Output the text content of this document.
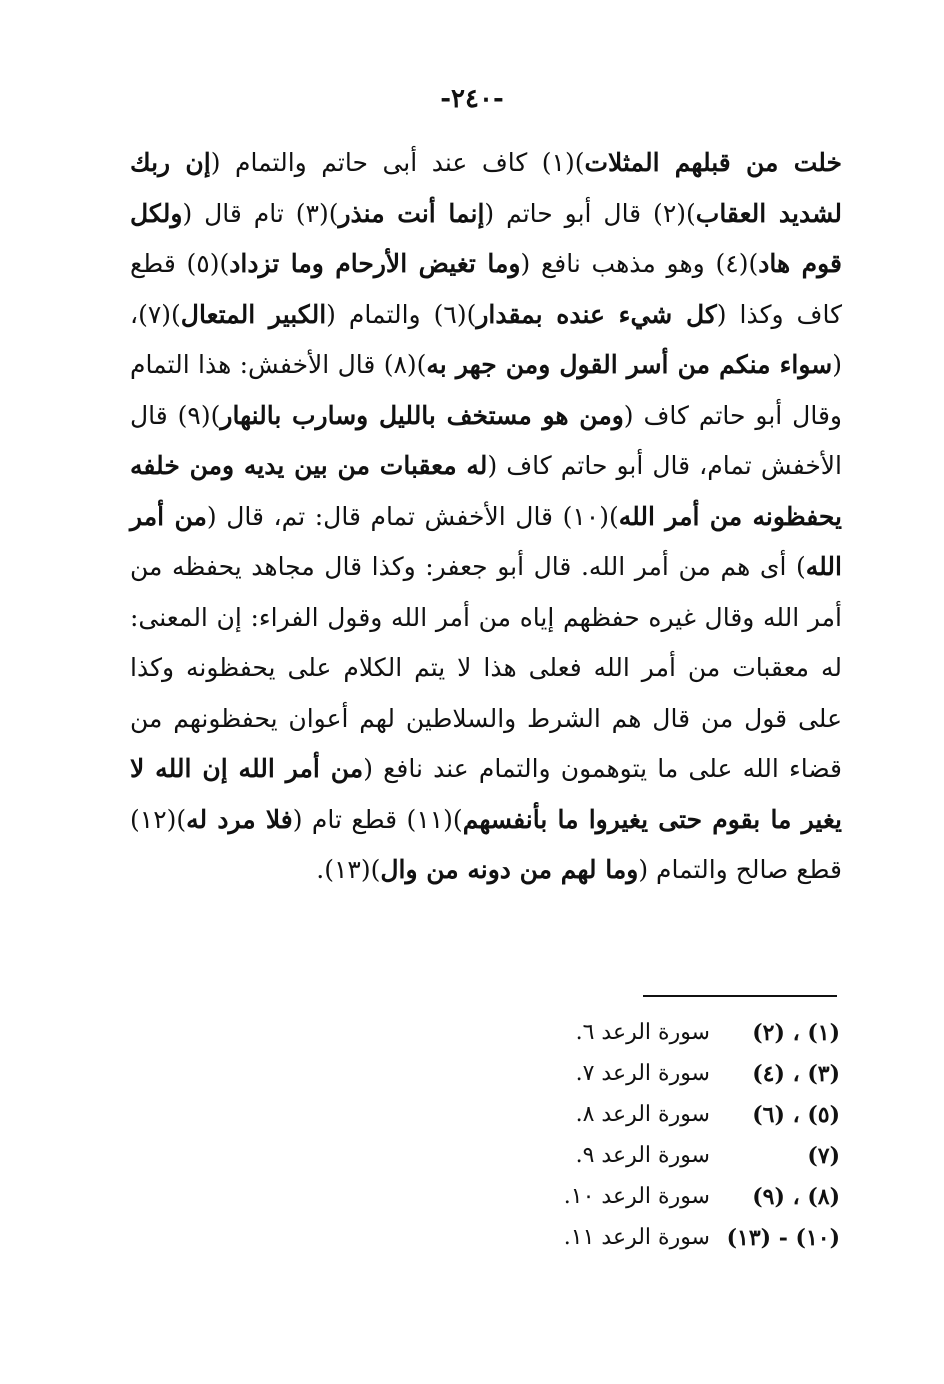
-٢٤٠-
خلت من قبلهم المثلات)(١) كاف عند أبى حاتم والتمام (إن ربك لشديد العقاب)(٢) قال أبو حاتم (إنما أنت منذر)(٣) تام قال (ولكل قوم هاد)(٤) وهو مذهب نافع (وما تغيض الأرحام وما تزداد)(٥) قطع كاف وكذا (كل شيء عنده بمقدار)(٦) والتمام (الكبير المتعال)(٧)، (سواء منكم من أسر القول ومن جهر به)(٨) قال الأخفش: هذا التمام وقال أبو حاتم كاف (ومن هو مستخف بالليل وسارب بالنهار)(٩) قال الأخفش تمام، قال أبو حاتم كاف (له معقبات من بين يديه ومن خلفه يحفظونه من أمر الله)(١٠) قال الأخفش تمام قال: تم، قال (من أمر الله) أى هم من أمر الله. قال أبو جعفر: وكذا قال مجاهد يحفظه من أمر الله وقال غيره حفظهم إياه من أمر الله وقول الفراء: إن المعنى: له معقبات من أمر الله فعلى هذا لا يتم الكلام على يحفظونه وكذا على قول من قال هم الشرط والسلاطين لهم أعوان يحفظونهم من قضاء الله على ما يتوهمون والتمام عند نافع (من أمر الله إن الله لا يغير ما بقوم حتى يغيروا ما بأنفسهم)(١١) قطع تام (فلا مرد له)(١٢) قطع صالح والتمام (وما لهم من دونه من وال)(١٣).
(١) ، (٢)
سورة الرعد ٦.
(٣) ، (٤)
سورة الرعد ٧.
(٥) ، (٦)
سورة الرعد ٨.
(٧)
سورة الرعد ٩.
(٨) ، (٩)
سورة الرعد ١٠.
(١٠) - (١٣)
سورة الرعد ١١.
